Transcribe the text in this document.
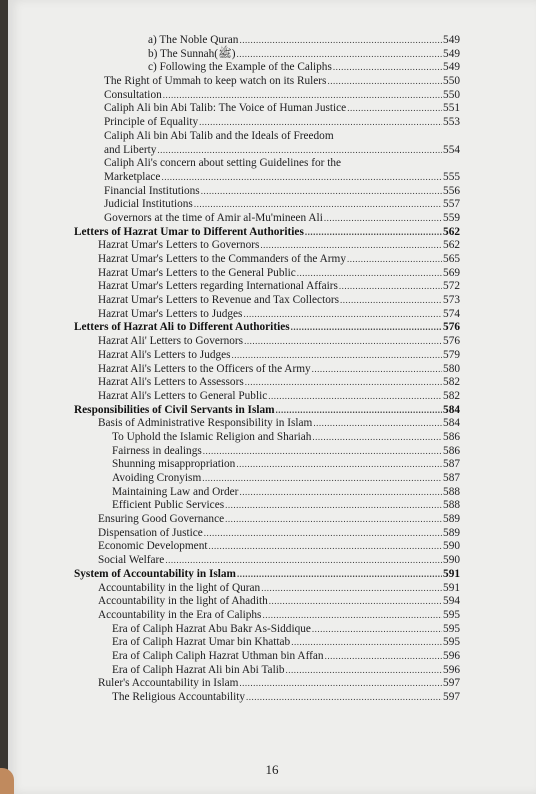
a) The Noble Quran .....	549
b) The Sunnah(ﷺ) .....	549
c) Following the Example of the Caliphs .....	549
The Right of Ummah to keep watch on its Rulers .....	550
Consultation .....	550
Caliph Ali bin Abi Talib: The Voice of Human Justice .....	551
Principle of Equality .....	553
Caliph Ali bin Abi Talib and the Ideals of Freedom
and Liberty .....	554
Caliph Ali's concern about setting Guidelines for the
Marketplace .....	555
Financial Institutions .....	556
Judicial Institutions .....	557
Governors at the time of Amir al-Mu'mineen Ali .....	559
Letters of Hazrat Umar to Different Authorities .....	562
Hazrat Umar's Letters to Governors .....	562
Hazrat Umar's Letters to the Commanders of the Army .....	565
Hazrat Umar's Letters to the General Public .....	569
Hazrat Umar's Letters regarding International Affairs .....	572
Hazrat Umar's Letters to Revenue and Tax Collectors .....	573
Hazrat Umar's Letters to Judges .....	574
Letters of Hazrat Ali to Different Authorities .....	576
Hazrat Ali' Letters to Governors .....	576
Hazrat Ali's Letters to Judges .....	579
Hazrat Ali's Letters to the Officers of the Army .....	580
Hazrat Ali's Letters to Assessors .....	582
Hazrat Ali's Letters to General Public .....	582
Responsibilities of Civil Servants in Islam .....	584
Basis of Administrative Responsibility in Islam .....	584
To Uphold the Islamic Religion and Shariah .....	586
Fairness in dealings .....	586
Shunning misappropriation .....	587
Avoiding Cronyism .....	587
Maintaining Law and Order .....	588
Efficient Public Services .....	588
Ensuring Good Governance .....	589
Dispensation of Justice .....	589
Economic Development .....	590
Social Welfare .....	590
System of Accountability in Islam .....	591
Accountability in the light of Quran .....	591
Accountability in the light of Ahadith .....	594
Accountability in the Era of Caliphs .....	595
Era of Caliph Hazrat Abu Bakr As-Siddique .....	595
Era of Caliph Hazrat Umar bin Khattab .....	595
Era of Caliph Caliph Hazrat Uthman bin Affan .....	596
Era of Caliph Hazrat Ali bin Abi Talib .....	596
Ruler's Accountability in Islam .....	597
The Religious Accountability .....	597
16
